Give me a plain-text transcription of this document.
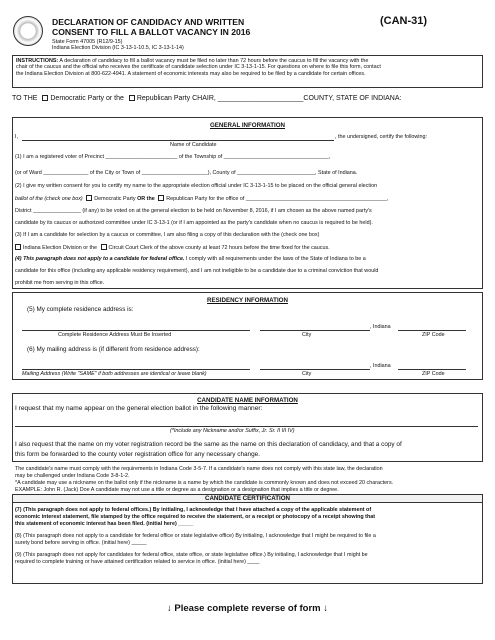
DECLARATION OF CANDIDACY AND WRITTEN
CONSENT TO FILL A BALLOT VACANCY IN 2016
(CAN-31)
State Form 47005 (R12/9-15)
Indiana Election Division (IC 3-13-1-10.5, IC 3-13-1-14)
INSTRUCTIONS: A declaration of candidacy to fill a ballot vacancy must be filed no later than 72 hours before the caucus to fill the vacancy with the
chair of the caucus and the official who receives the certificate of candidate selection under IC 3-13-1-15. For questions on where to file this form, contact
the Indiana Election Division at 800-622-4941. A statement of economic interests may also be required to be filed by a candidate for certain offices.
TO THE Democratic Party or the Republican Party CHAIR, ______________________COUNTY, STATE OF INDIANA:
GENERAL INFORMATION
I,	, the undersigned, certify the following:
Name of Candidate
(1) I am a registered voter of Precinct ________________________ of the Township of ___________________________________,
(or of Ward _______________ of the City or Town of ______________________), County of __________________________, State of Indiana.
(2) I give my written consent for you to certify my name to the appropriate election official under IC 3-13-1-15 to be placed on the official general election
ballot of the (check one box) Democratic Party OR the Republican Party for the office of _______________________________________________,
District ________________ (if any) to be voted on at the general election to be held on November 8, 2016, if I am chosen as the above named party's
candidate by its caucus or authorized committee under IC 3-13-1 (or if I am appointed as the party's candidate when no caucus is required to be held).
(3) If I am a candidate for selection by a caucus or committee, I am also filing a copy of this declaration with the (check one box)
Indiana Election Division or the Circuit Court Clerk of the above county at least 72 hours before the time fixed for the caucus.
(4) This paragraph does not apply to a candidate for federal office. I comply with all requirements under the laws of the State of Indiana to be a
candidate for this office (including any applicable residency requirement), and I am not ineligible to be a candidate due to a criminal conviction that would
prohibit me from serving in this office.
RESIDENCY INFORMATION
(5) My complete residence address is:
, Indiana
Complete Residence Address Must Be Inserted	City	ZIP Code
(6) My mailing address is (if different from residence address):
, Indiana
Mailing Address (Write "SAME" if both addresses are identical or leave blank)	City	ZIP Code
CANDIDATE NAME INFORMATION
I request that my name appear on the general election ballot in the following manner:
(*Include any Nickname and/or Suffix, Jr. Sr. II III IV)
I also request that the name on my voter registration record be the same as the name on this declaration of candidacy, and that a copy of
this form be forwarded to the county voter registration office for any necessary change.
The candidate's name must comply with the requirements in Indiana Code 3-5-7. If a candidate's name does not comply with this state law, the declaration
may be challenged under Indiana Code 3-8-1-2.
*A candidate may use a nickname on the ballot only if the nickname is a name by which the candidate is commonly known and does not exceed 20 characters.
EXAMPLE: John R. (Jack) Doe A candidate may not use a title or degree as a designation or a designation that implies a title or degree.
CANDIDATE CERTIFICATION
(7) (This paragraph does not apply to federal offices.) By initialing, I acknowledge that I have attached a copy of the applicable statement of
economic interest statement, file stamped by the office required to receive the statement, or a receipt or photocopy of a receipt showing that
this statement of economic interest has been filed. (initial here) _____
(8) (This paragraph does not apply to a candidate for federal office or state legislative office) By initialing, I acknowledge that I might be required to file a
surety bond before serving in office. (initial here) _____
(9) (This paragraph does not apply for candidates for federal office, state office, or state legislative office.) By initialing, I acknowledge that I might be
required to complete training or have attained certification related to service in office. (initial here) ____
↓ Please complete reverse of form ↓
